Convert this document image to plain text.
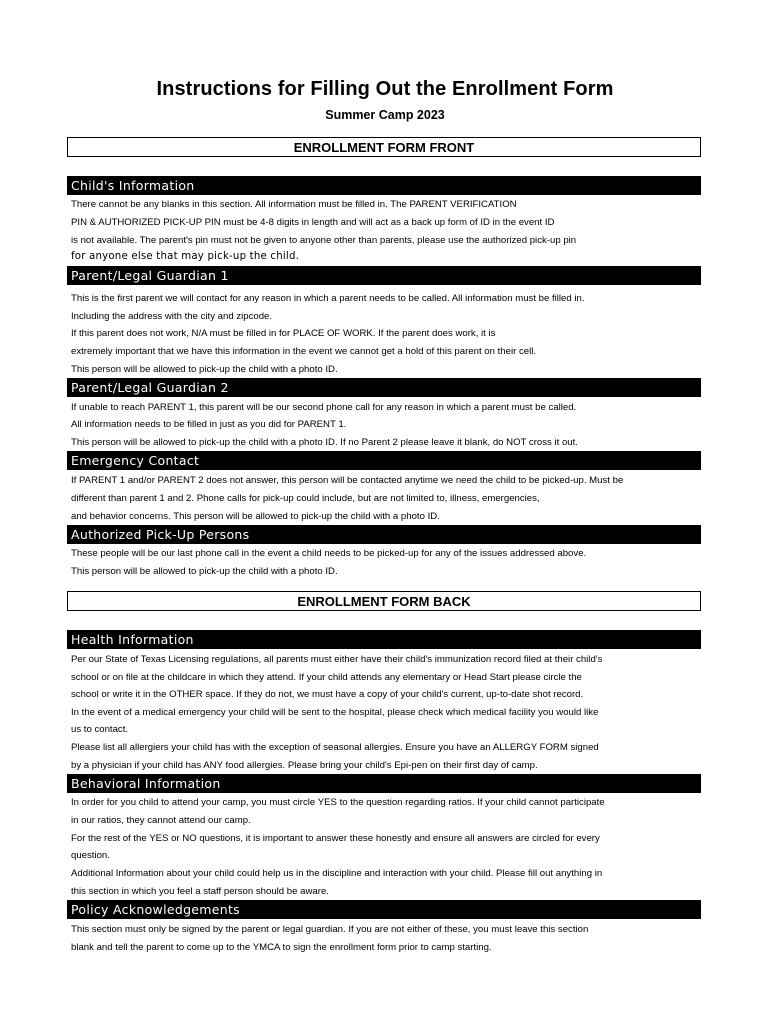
Instructions for Filling Out the Enrollment Form
Summer Camp 2023
ENROLLMENT FORM FRONT
Child's Information
There cannot be any blanks in this section. All information must be filled in. The PARENT VERIFICATION
PIN & AUTHORIZED PICK-UP PIN must be 4-8 digits in length and will act as a back up form of ID in the event ID
is not available. The parent's pin must not be given to anyone other than parents, please use the authorized pick-up pin
for anyone else that may pick-up the child.
Parent/Legal Guardian 1
This is the first parent we will contact for any reason in which a parent needs to be called. All information must be filled in.
Including the address with the city and zipcode.
If this parent does not work, N/A must be filled in for PLACE OF WORK. If the parent does work, it is
extremely important that we have this information in the event we cannot get a hold of this parent on their cell.
This person will be allowed to pick-up the child with a photo ID.
Parent/Legal Guardian 2
If unable to reach PARENT 1, this parent will be our second phone call for any reason in which a parent must be called.
All information needs to be filled in just as you did for PARENT 1.
This person will be allowed to pick-up the child with a photo ID. If no Parent 2 please leave it blank, do NOT cross it out.
Emergency Contact
If PARENT 1 and/or PARENT 2 does not answer, this person will be contacted anytime we need the child to be picked-up. Must be
different than parent 1 and 2. Phone calls for pick-up could include, but are not limited to, illness, emergencies,
and behavior concerns. This person will be allowed to pick-up the child with a photo ID.
Authorized Pick-Up Persons
These people will be our last phone call in the event a child needs to be picked-up for any of the issues addressed above.
This person will be allowed to pick-up the child with a photo ID.
ENROLLMENT FORM BACK
Health Information
Per our State of Texas Licensing regulations, all parents must either have their child's immunization record filed at their child's
school or on file at the childcare in which they attend. If your child attends any elementary or Head Start please circle the
school or write it in the OTHER space. If they do not, we must have a copy of your child's current, up-to-date shot record.
In the event of a medical emergency your child will be sent to the hospital, please check which medical facility you would like
us to contact.
Please list all allergiers your child has with the exception of seasonal allergies. Ensure you have an ALLERGY FORM signed
by a physician if your child has ANY food allergies. Please bring your child's Epi-pen on their first day of camp.
Behavioral Information
In order for you child to attend your camp, you must circle YES to the question regarding ratios. If your child cannot participate
in our ratios, they cannot attend our camp.
For the rest of the YES or NO questions, it is important to answer these honestly and ensure all answers are circled for every
question.
Additional Information about your child could help us in the discipline and interaction with your child. Please fill out anything in
this section in which you feel a staff person should be aware.
Policy Acknowledgements
This section must only be signed by the parent or legal guardian. If you are not either of these, you must leave this section
blank and tell the parent to come up to the YMCA to sign the enrollment form prior to camp starting.
